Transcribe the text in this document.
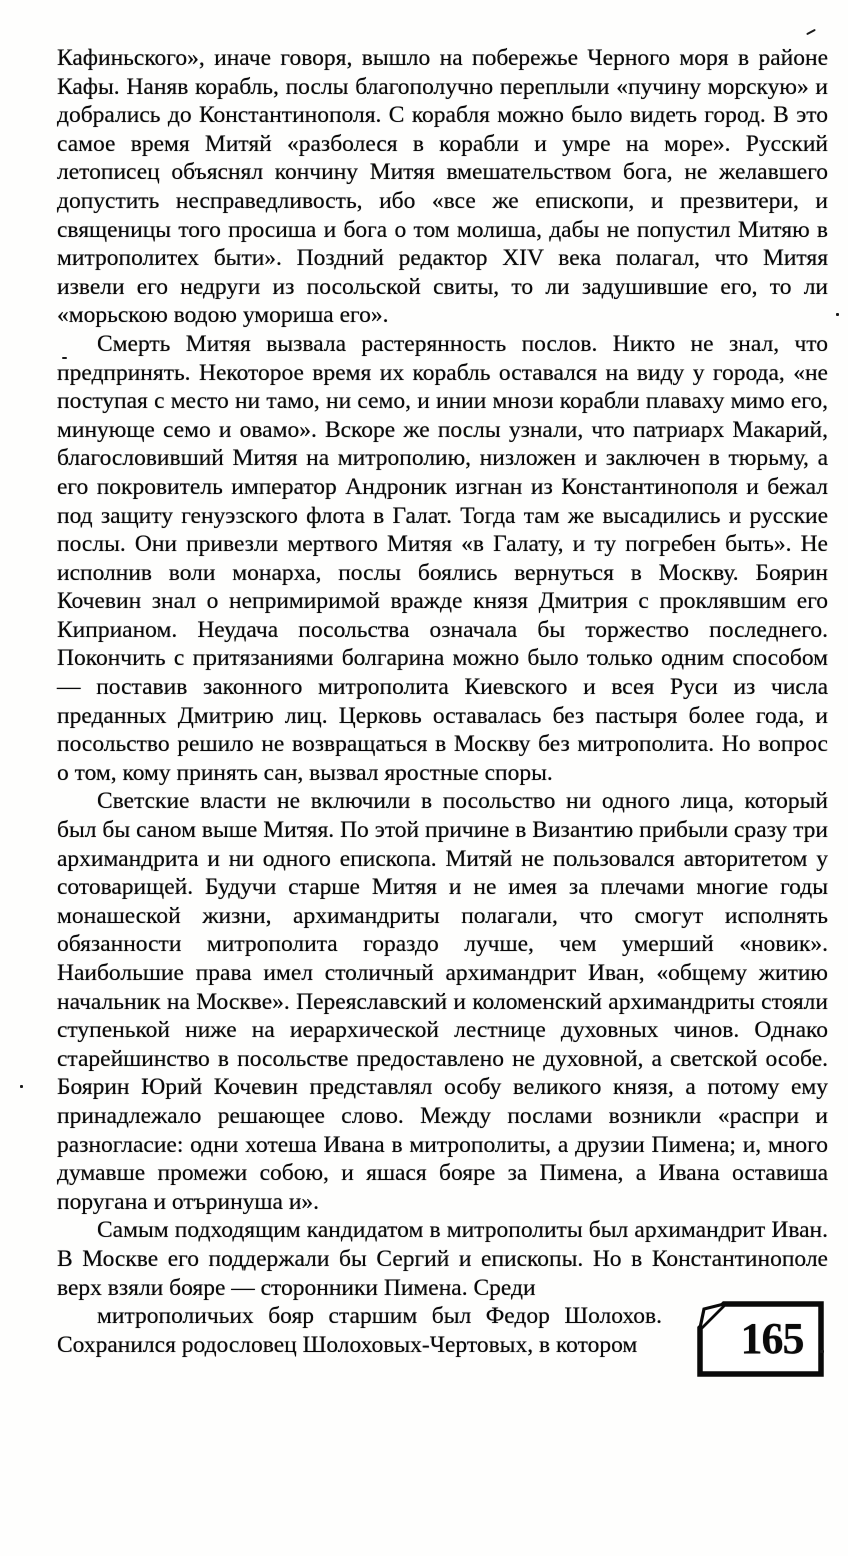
Кафиньского», иначе говоря, вышло на побережье Черного моря в районе Кафы. Наняв корабль, послы благополучно переплыли «пучину морскую» и добрались до Константинополя. С корабля можно было видеть город. В это самое время Митяй «разболеся в корабли и умре на море». Русский летописец объяснял кончину Митяя вмешательством бога, не желавшего допустить несправедливость, ибо «все же епископи, и презвитери, и священицы того просиша и бога о том молиша, дабы не попустил Митяю в митрополитех быти». Поздний редактор XIV века полагал, что Митяя извели его недруги из посольской свиты, то ли задушившие его, то ли «морьскою водою умориша его».

Смерть Митяя вызвала растерянность послов. Никто не знал, что предпринять. Некоторое время их корабль оставался на виду у города, «не поступая с место ни тамо, ни семо, и инии мнози корабли плаваху мимо его, минующе семо и овамо». Вскоре же послы узнали, что патриарх Макарий, благословивший Митяя на митрополию, низложен и заключен в тюрьму, а его покровитель император Андроник изгнан из Константинополя и бежал под защиту генуэзского флота в Галат. Тогда там же высадились и русские послы. Они привезли мертвого Митяя «в Галату, и ту погребен быть». Не исполнив воли монарха, послы боялись вернуться в Москву. Боярин Кочевин знал о непримиримой вражде князя Дмитрия с проклявшим его Киприаном. Неудача посольства означала бы торжество последнего. Покончить с притязаниями болгарина можно было только одним способом — поставив законного митрополита Киевского и всея Руси из числа преданных Дмитрию лиц. Церковь оставалась без пастыря более года, и посольство решило не возвращаться в Москву без митрополита. Но вопрос о том, кому принять сан, вызвал яростные споры.

Светские власти не включили в посольство ни одного лица, который был бы саном выше Митяя. По этой причине в Византию прибыли сразу три архимандрита и ни одного епископа. Митяй не пользовался авторитетом у сотоварищей. Будучи старше Митяя и не имея за плечами многие годы монашеской жизни, архимандриты полагали, что смогут исполнять обязанности митрополита гораздо лучше, чем умерший «новик». Наибольшие права имел столичный архимандрит Иван, «общему житию начальник на Москве». Переяславский и коломенский архимандриты стояли ступенькой ниже на иерархической лестнице духовных чинов. Однако старейшинство в посольстве предоставлено не духовной, а светской особе. Боярин Юрий Кочевин представлял особу великого князя, а потому ему принадлежало решающее слово. Между послами возникли «распри и разногласие: одни хотеша Ивана в митрополиты, а друзии Пимена; и, много думавше промежи собою, и яшася бояре за Пимена, а Ивана оставиша поругана и отъринуша и».

Самым подходящим кандидатом в митрополиты был архимандрит Иван. В Москве его поддержали бы Сергий и епископы. Но в Константинополе верх взяли бояре — сторонники Пимена. Среди

митрополичьих бояр старшим был Федор Шолохов. Сохранился родословец Шолоховых-Чертовых, в котором	165
